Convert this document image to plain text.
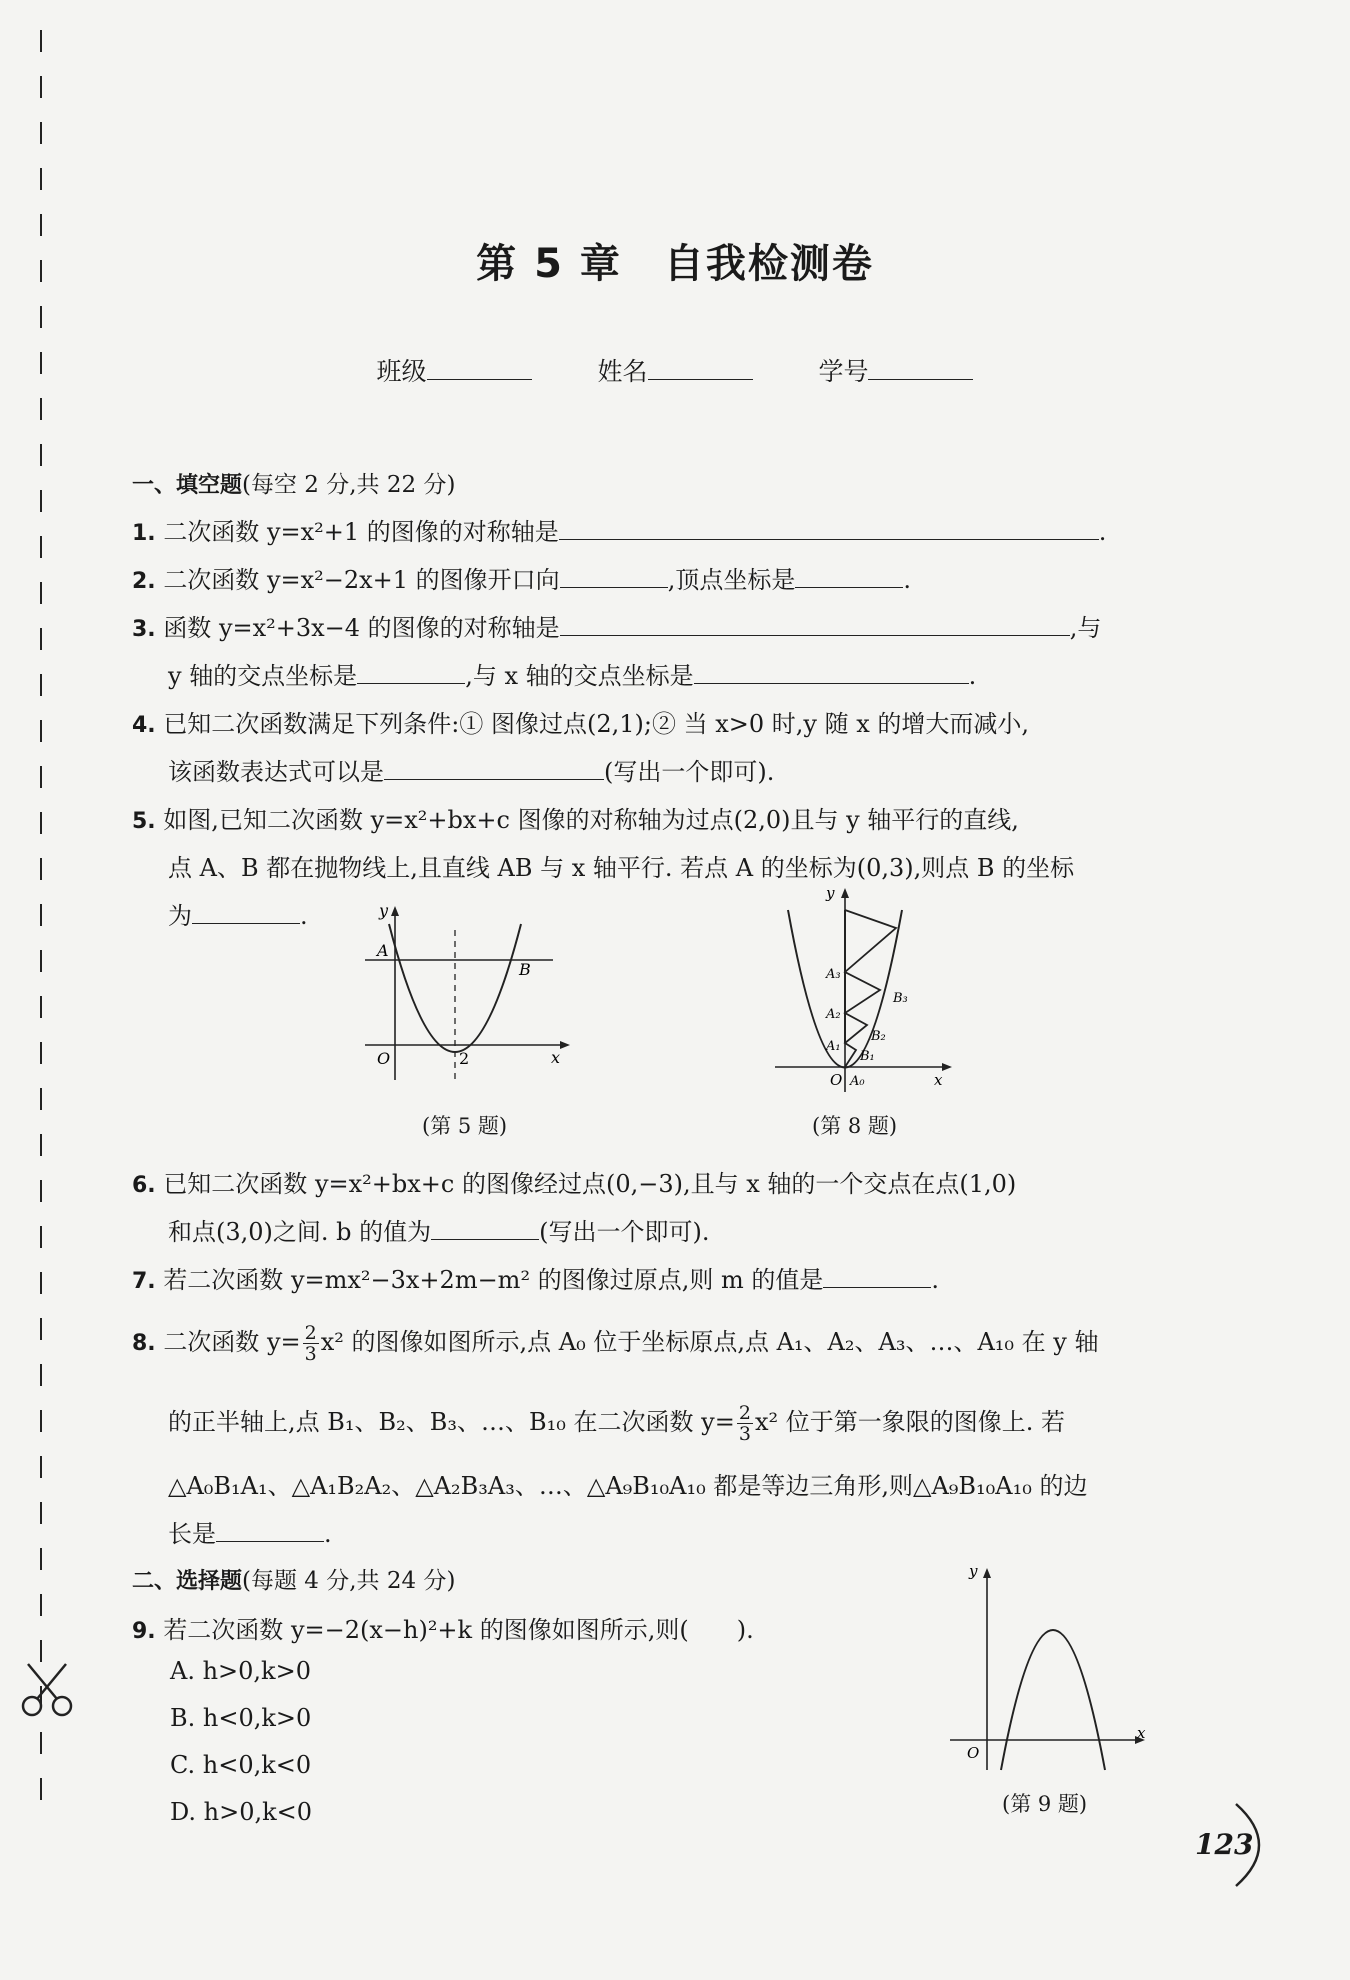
第 5 章　自我检测卷
班级	姓名	学号
一、填空题(每空 2 分,共 22 分)
1. 二次函数 y=x²+1 的图像的对称轴是	.
2. 二次函数 y=x²−2x+1 的图像开口向	,顶点坐标是	.
3. 函数 y=x²+3x−4 的图像的对称轴是	,与
y 轴的交点坐标是	,与 x 轴的交点坐标是	.
4. 已知二次函数满足下列条件:① 图像过点(2,1);② 当 x>0 时,y 随 x 的增大而减小,
该函数表达式可以是	(写出一个即可).
5. 如图,已知二次函数 y=x²+bx+c 图像的对称轴为过点(2,0)且与 y 轴平行的直线,
点 A、B 都在抛物线上,且直线 AB 与 x 轴平行. 若点 A 的坐标为(0,3),则点 B 的坐标
为	.	y
x
O
A
B
2
(第 5 题)
y
x
O A₀
A₁
A₂
A₃
B₁
B₂
B₃
(第 8 题)
6. 已知二次函数 y=x²+bx+c 的图像经过点(0,−3),且与 x 轴的一个交点在点(1,0)
和点(3,0)之间. b 的值为	(写出一个即可).
7. 若二次函数 y=mx²−3x+2m−m² 的图像过原点,则 m 的值是	.
8. 二次函数 $y= \frac{2}{3} x^2$ 的图像如图所示,点 A₀ 位于坐标原点,点 A₁、A₂、A₃、…、A₁₀ 在 y 轴
的正半轴上,点 B₁、B₂、B₃、…、B₁₀ 在二次函数 $y= \frac{2}{3} x^2$ 位于第一象限的图像上. 若
△A₀B₁A₁、△A₁B₂A₂、△A₂B₃A₃、…、△A₉B₁₀A₁₀ 都是等边三角形,则△A₉B₁₀A₁₀ 的边
长是	.
二、选择题(每题 4 分,共 24 分)
9. 若二次函数 y=−2(x−h)²+k 的图像如图所示,则(　　).
A. h>0,k>0
B. h<0,k>0
C. h<0,k<0
D. h>0,k<0
y
x
O
(第 9 题)
123
